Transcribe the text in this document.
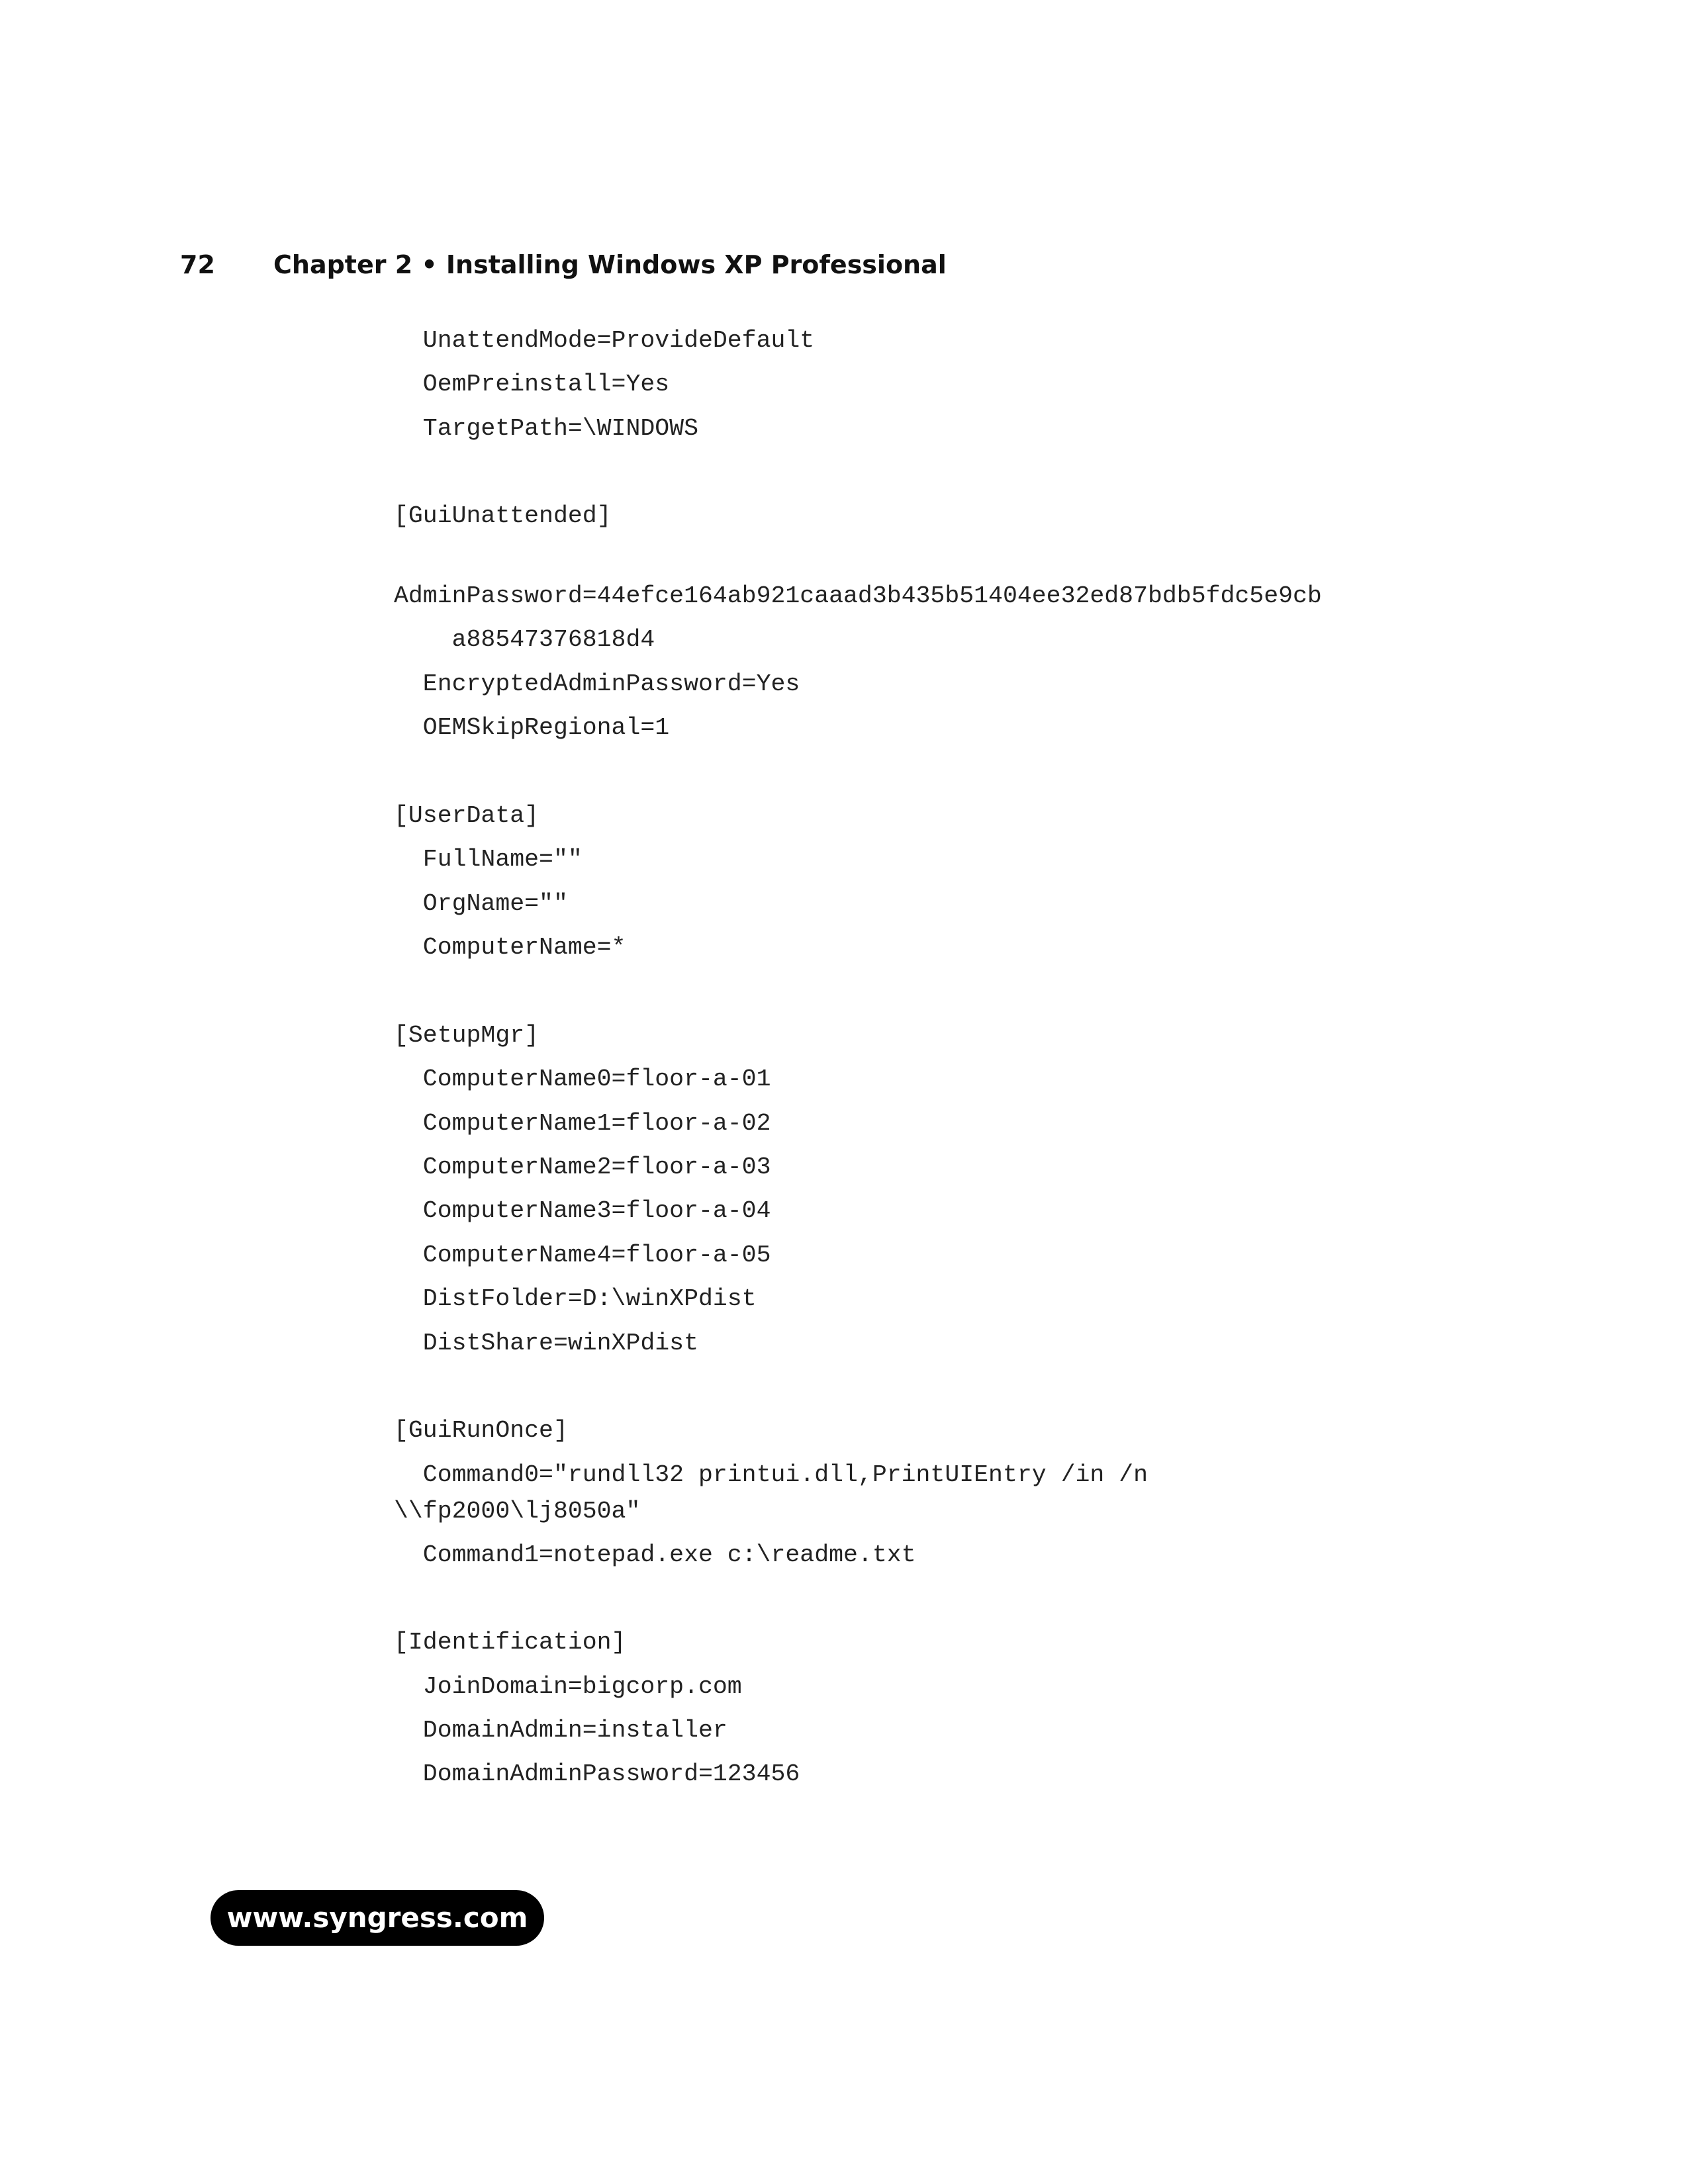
72 Chapter 2 • Installing Windows XP Professional
UnattendMode=ProvideDefault
OemPreinstall=Yes
TargetPath=\WINDOWS
[GuiUnattended]
AdminPassword=44efce164ab921caaad3b435b51404ee32ed87bdb5fdc5e9cb
a88547376818d4
EncryptedAdminPassword=Yes
OEMSkipRegional=1
[UserData]
FullName=""
OrgName=""
ComputerName=*
[SetupMgr]
ComputerName0=floor-a-01
ComputerName1=floor-a-02
ComputerName2=floor-a-03
ComputerName3=floor-a-04
ComputerName4=floor-a-05
DistFolder=D:\winXPdist
DistShare=winXPdist
[GuiRunOnce]
Command0="rundll32 printui.dll,PrintUIEntry /in /n
\\fp2000\lj8050a"
Command1=notepad.exe c:\readme.txt
[Identification]
JoinDomain=bigcorp.com
DomainAdmin=installer
DomainAdminPassword=123456
www.syngress.com
